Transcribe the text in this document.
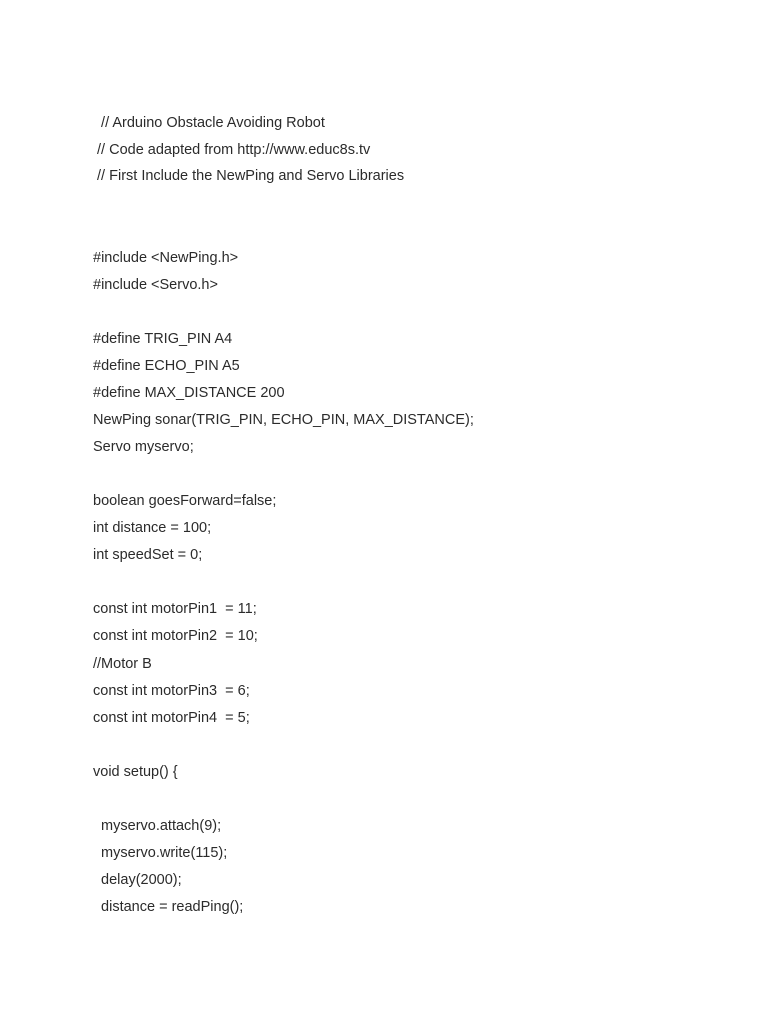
// Arduino Obstacle Avoiding Robot
// Code adapted from http://www.educ8s.tv
// First Include the NewPing and Servo Libraries
#include <NewPing.h>
#include <Servo.h>
#define TRIG_PIN A4
#define ECHO_PIN A5
#define MAX_DISTANCE 200
NewPing sonar(TRIG_PIN, ECHO_PIN, MAX_DISTANCE);
Servo myservo;
boolean goesForward=false;
int distance = 100;
int speedSet = 0;
const int motorPin1  = 11;
const int motorPin2  = 10;
//Motor B
const int motorPin3  = 6;
const int motorPin4  = 5;
void setup() {
myservo.attach(9);
myservo.write(115);
delay(2000);
distance = readPing();
